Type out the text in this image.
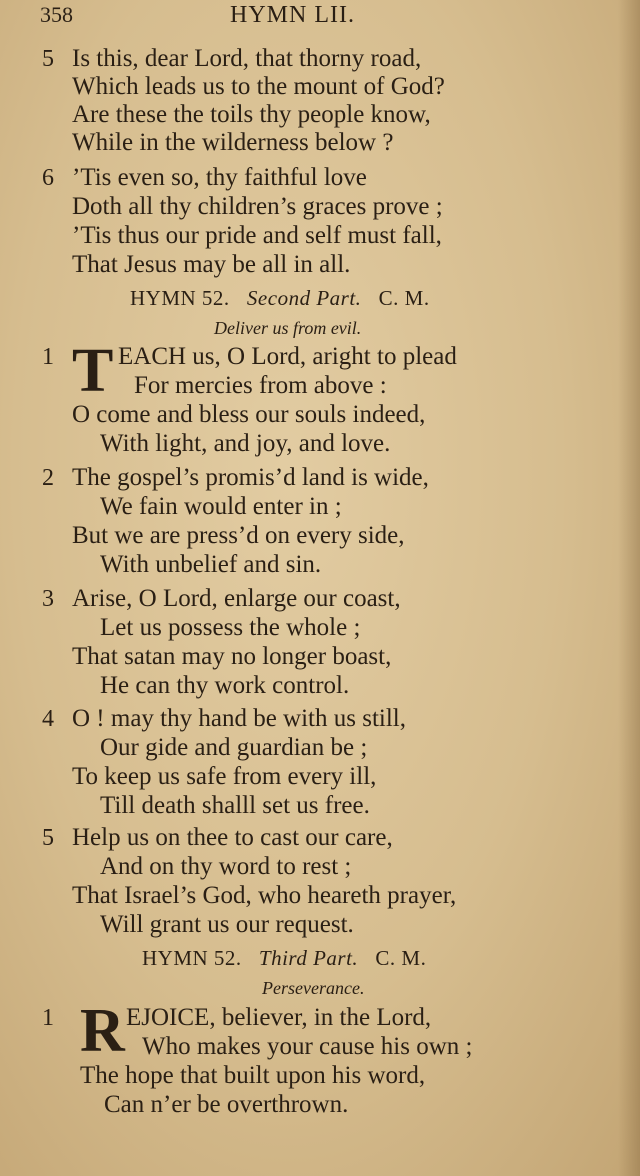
358	HYMN LII.
5 Is this, dear Lord, that thorny road,
Which leads us to the mount of God?
Are these the toils thy people know,
While in the wilderness below ?
6 ’Tis even so, thy faithful love
Doth all thy children’s graces prove ;
’Tis thus our pride and self must fall,
That Jesus may be all in all.
HYMN 52. Second Part. C. M.
Deliver us from evil.
1 T EACH us, O Lord, aright to plead
For mercies from above :
O come and bless our souls indeed,
With light, and joy, and love.
2 The gospel’s promis’d land is wide,
We fain would enter in ;
But we are press’d on every side,
With unbelief and sin.
3 Arise, O Lord, enlarge our coast,
Let us possess the whole ;
That satan may no longer boast,
He can thy work control.
4 O ! may thy hand be with us still,
Our gide and guardian be ;
To keep us safe from every ill,
Till death shalll set us free.
5 Help us on thee to cast our care,
And on thy word to rest ;
That Israel’s God, who heareth prayer,
Will grant us our request.
HYMN 52. Third Part. C. M.
Perseverance.
1 R EJOICE, believer, in the Lord,
Who makes your cause his own ;
The hope that built upon his word,
Can n’er be overthrown.
